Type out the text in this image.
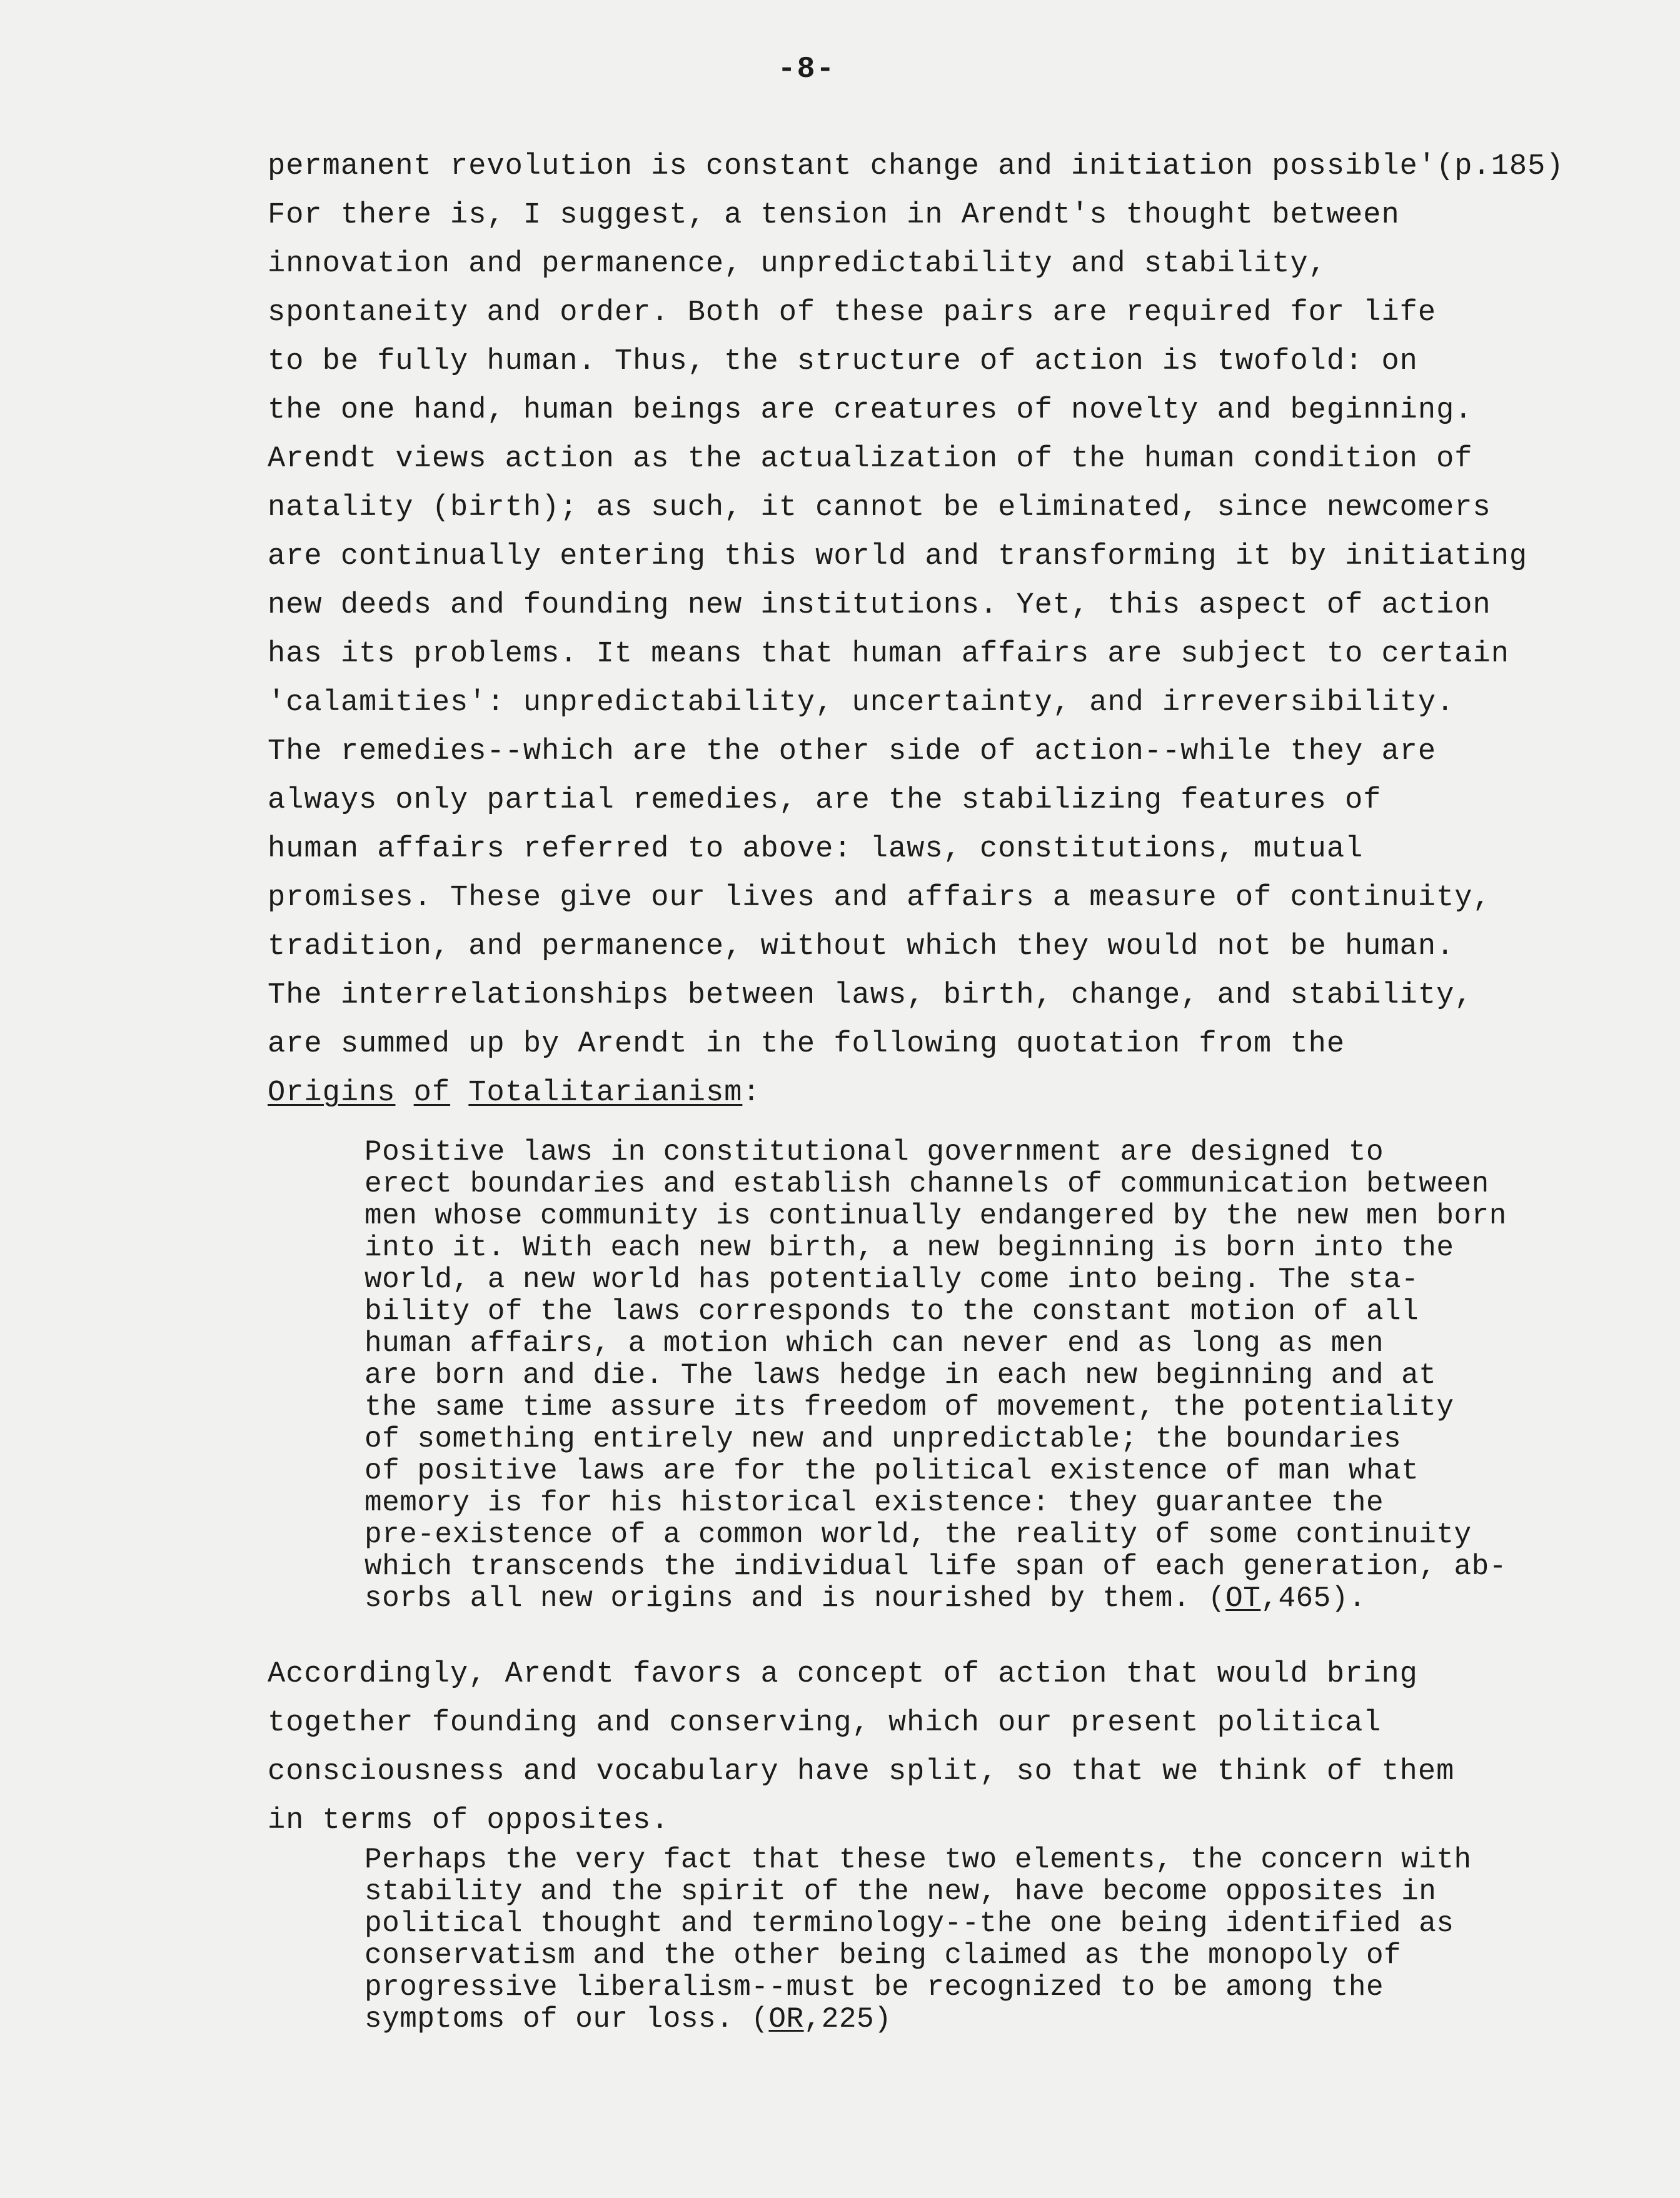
-8-
permanent revolution is constant change and initiation possible'(p.185)
For there is, I suggest, a tension in Arendt's thought between
innovation and permanence, unpredictability and stability,
spontaneity and order. Both of these pairs are required for life
to be fully human. Thus, the structure of action is twofold: on
the one hand, human beings are creatures of novelty and beginning.
Arendt views action as the actualization of the human condition of
natality (birth); as such, it cannot be eliminated, since newcomers
are continually entering this world and transforming it by initiating
new deeds and founding new institutions. Yet, this aspect of action
has its problems. It means that human affairs are subject to certain
'calamities': unpredictability, uncertainty, and irreversibility.
The remedies--which are the other side of action--while they are
always only partial remedies, are the stabilizing features of
human affairs referred to above: laws, constitutions, mutual
promises. These give our lives and affairs a measure of continuity,
tradition, and permanence, without which they would not be human.
The interrelationships between laws, birth, change, and stability,
are summed up by Arendt in the following quotation from the
Origins of Totalitarianism:
Positive laws in constitutional government are designed to
erect boundaries and establish channels of communication between
men whose community is continually endangered by the new men born
into it. With each new birth, a new beginning is born into the
world, a new world has potentially come into being. The sta-
bility of the laws corresponds to the constant motion of all
human affairs, a motion which can never end as long as men
are born and die. The laws hedge in each new beginning and at
the same time assure its freedom of movement, the potentiality
of something entirely new and unpredictable; the boundaries
of positive laws are for the political existence of man what
memory is for his historical existence: they guarantee the
pre-existence of a common world, the reality of some continuity
which transcends the individual life span of each generation, ab-
sorbs all new origins and is nourished by them. (OT,465).
Accordingly, Arendt favors a concept of action that would bring
together founding and conserving, which our present political
consciousness and vocabulary have split, so that we think of them
in terms of opposites.
Perhaps the very fact that these two elements, the concern with
stability and the spirit of the new, have become opposites in
political thought and terminology--the one being identified as
conservatism and the other being claimed as the monopoly of
progressive liberalism--must be recognized to be among the
symptoms of our loss. (OR,225)
